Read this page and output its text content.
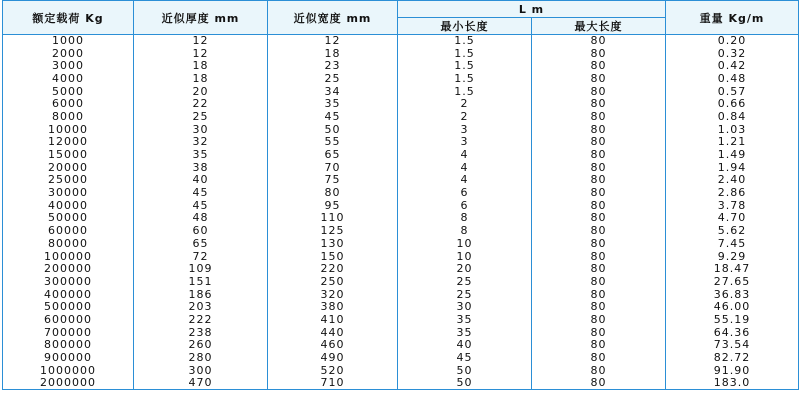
额定载荷 Kg	近似厚度 mm	近似宽度 mm	L m		重量 Kg/m
			最小长度	最大长度	
1000	12	12	1.5	80	0.20
2000	12	18	1.5	80	0.32
3000	18	23	1.5	80	0.42
4000	18	25	1.5	80	0.48
5000	20	34	1.5	80	0.57
6000	22	35	2	80	0.66
8000	25	45	2	80	0.84
10000	30	50	3	80	1.03
12000	32	55	3	80	1.21
15000	35	65	4	80	1.49
20000	38	70	4	80	1.94
25000	40	75	4	80	2.40
30000	45	80	6	80	2.86
40000	45	95	6	80	3.78
50000	48	110	8	80	4.70
60000	60	125	8	80	5.62
80000	65	130	10	80	7.45
100000	72	150	10	80	9.29
200000	109	220	20	80	18.47
300000	151	250	25	80	27.65
400000	186	320	25	80	36.83
500000	203	380	30	80	46.00
600000	222	410	35	80	55.19
700000	238	440	35	80	64.36
800000	260	460	40	80	73.54
900000	280	490	45	80	82.72
1000000	300	520	50	80	91.90
2000000	470	710	50	80	183.0
